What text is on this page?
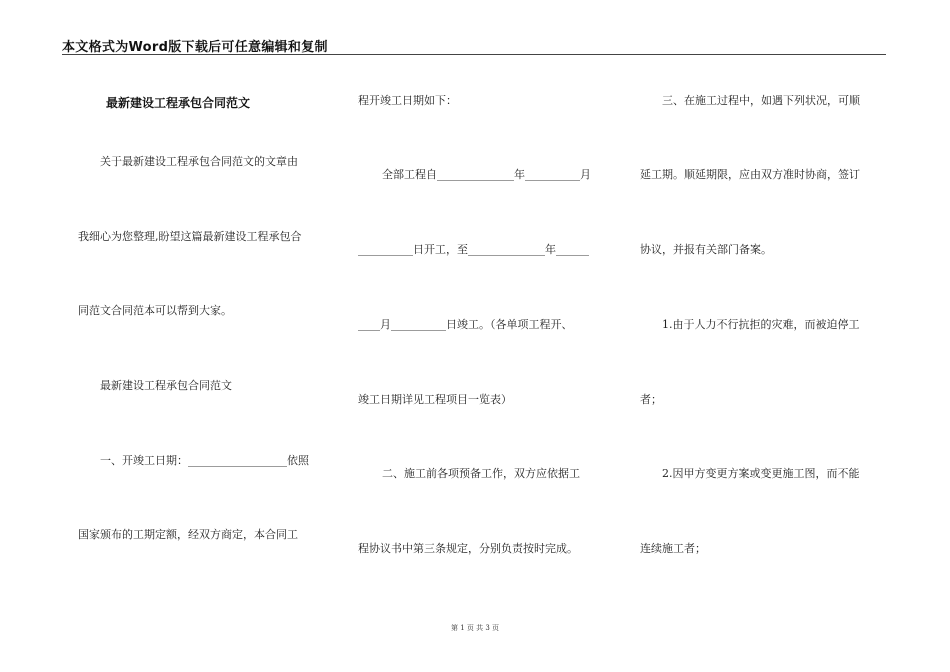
本文格式为Word版下载后可任意编辑和复制
最新建设工程承包合同范文
关于最新建设工程承包合同范文的文章由
我细心为您整理,盼望这篇最新建设工程承包合
同范文合同范本可以帮到大家。
最新建设工程承包合同范文
一、开竣工日期：__________________依照
国家颁布的工期定额，经双方商定，本合同工
程开竣工日期如下：
全部工程自______________年__________月
__________日开工，至______________年______
____月__________日竣工。（各单项工程开、
竣工日期详见工程项目一览表）
二、施工前各项预备工作，双方应依据工
程协议书中第三条规定，分别负责按时完成。
三、在施工过程中，如遇下列状况，可顺
延工期。顺延期限，应由双方准时协商，签订
协议，并报有关部门备案。
1.由于人力不行抗拒的灾难，而被迫停工
者；
2.因甲方变更方案或变更施工图，而不能
连续施工者；
第 1 页 共 3 页
